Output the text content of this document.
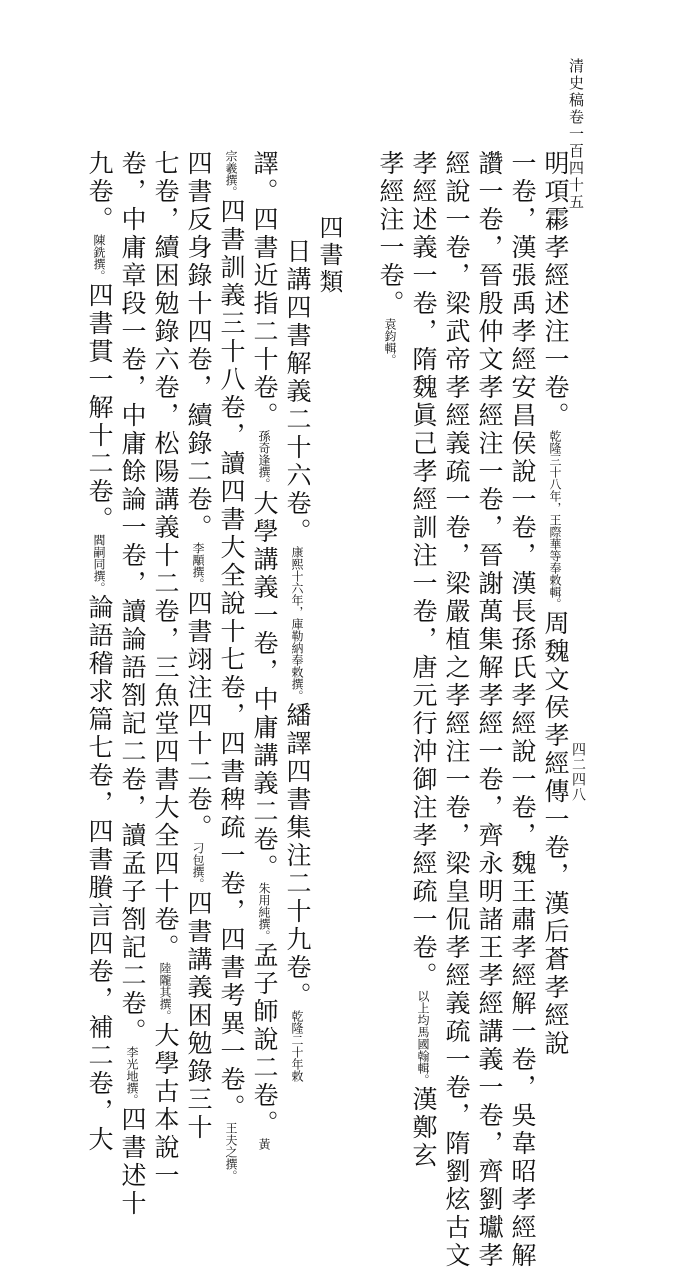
清史稿卷一百四十五
四二四八
明項霦孝經述注一卷。乾隆三十八年，王際華等奉敕輯。周魏文侯孝經傳一卷，漢后蒼孝經說
一卷，漢張禹孝經安昌侯說一卷，漢長孫氏孝經說一卷，魏王肅孝經解一卷，吳韋昭孝經解
讚一卷，晉殷仲文孝經注一卷，晉謝萬集解孝經一卷，齊永明諸王孝經講義一卷，齊劉瓛孝
經說一卷，梁武帝孝經義疏一卷，梁嚴植之孝經注一卷，梁皇侃孝經義疏一卷，隋劉炫古文
孝經述義一卷，隋魏眞己孝經訓注一卷，唐元行沖御注孝經疏一卷。以上均馬國翰輯。漢鄭玄
孝經注一卷。袁鈞輯。
四書類
日講四書解義二十六卷。康熙十六年，庫勒納奉敕撰。繙譯四書集注二十九卷。乾隆二十年敕
譯。四書近指二十卷。孫奇逢撰。大學講義一卷，中庸講義二卷。朱用純撰。孟子師說二卷。黃
宗羲撰。四書訓義三十八卷，讀四書大全說十七卷，四書稗疏一卷，四書考異一卷。王夫之撰。
四書反身錄十四卷，續錄二卷。李顒撰。四書翊注四十二卷。刁包撰。四書講義困勉錄三十
七卷，續困勉錄六卷，松陽講義十二卷，三魚堂四書大全四十卷。陸隴其撰。大學古本說一
卷，中庸章段一卷，中庸餘論一卷，讀論語劄記二卷，讀孟子劄記二卷。李光地撰。四書述十
九卷。陳銑撰。四書貫一解十二卷。閻嗣同撰。論語稽求篇七卷，四書賸言四卷，補二卷，大
